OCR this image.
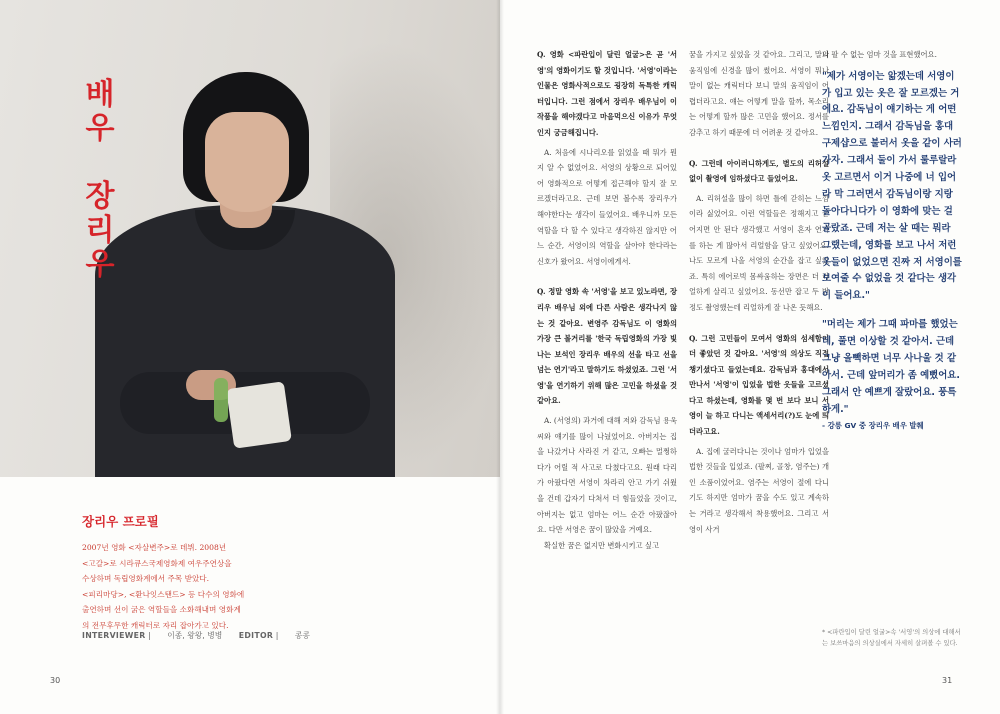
배
우
장
리
우
장리우 프로필
2007년 영화 <자살변주>로 데뷔. 2008년
<고갈>로 시라큐스국제영화제 여우주연상을
수상하며 독립영화계에서 주목 받았다.
<피리마당>, <환나잇스탠드> 등 다수의 영화에
출연하며 선이 굵은 역할들을 소화해내며 영화계
의 전무후무한 캐릭터로 자리 잡아가고 있다.
INTERVIEWER | 이종, 왕왕, 병병 EDITOR | 콩콩
30

Q. 영화 <파란입이 달린 얼굴>은 곧 '서영'의 영화이기도 할 것입니다. '서영'이라는 인물은 영화사적으로도 굉장히 독특한 캐릭터입니다. 그런 점에서 장리우 배우님이 이 작품을 해야겠다고 마음먹으신 이유가 무엇인지 궁금해집니다.

A. 처음에 시나리오를 읽었을 때 뭐가 뭔지 알 수 없었어요. 서영의 상황으로 되어있어 영화적으로 어떻게 접근해야 할지 잘 모르겠더라고요. 근데 보면 볼수록 장리우가 해야한다는 생각이 들었어요. 배우니까 모든 역할을 다 할 수 있다고 생각하진 않지만 어느 순간, 서영이의 역할을 살아야 한다라는 신호가 왔어요. 서영이에게서.

Q. 정말 영화 속 '서영'을 보고 있노라면, 장리우 배우님 외에 다른 사람은 생각나지 않는 것 같아요. 변영주 감독님도 이 영화의 가장 큰 볼거리를 '한국 독립영화의 가장 빛나는 보석인 장리우 배우의 선을 타고 선을 넘는 연기'라고 말하기도 하셨었죠. 그런 '서영'을 연기하기 위해 많은 고민을 하셨을 것 같아요.

A. (서영의) 과거에 대해 저와 감독님 용욱씨와 얘기를 많이 나눴었어요. 아버지는 집을 나갔거나 사라진 거 같고, 오빠는 멀쩡하다가 어릴 적 사고로 다쳤다고요. 원래 다리가 아팠다면 서영이 차라리 안고 가기 쉬웠을 건데 갑자기 다쳐서 더 힘들었을 것이고, 아버지는 없고 엄마는 어느 순간 아팠잖아요. 다만 서영은 꿈이 많았을 거예요.

확실한 꿈은 없지만 변화시키고 싶고

꿈을 가지고 싶었을 것 같아요. 그리고, 말의 움직임에 신경을 많이 썼어요. 서영이 뭐나 말이 없는 캐릭터다 보니 말의 움직임이 어렵더라고요. 얘는 어떻게 말을 할까, 목소리는 어떻게 할까 많은 고민을 했어요. 정서를 감추고 하기 때문에 더 어려운 것 같아요.

Q. 그런데 아이러니하게도, 별도의 리허설 없이 촬영에 임하셨다고 들었어요.

A. 리허설을 많이 하면 틀에 갇히는 느낌이라 싫었어요. 이런 역할들은 정해지고 굳어지면 안 된다 생각했고 서영이 혼자 연기를 하는 게 많아서 리얼함을 담고 싶었어요. 나도 모르게 나올 서영의 순간을 잡고 싶었죠. 특히 에어로빅 몸싸움하는 장면은 더 리얼하게 살리고 싶었어요. 동선만 잡고 두 번 정도 촬영했는데 리얼하게 잘 나온 듯해요.

Q. 그런 고민들이 모여서 영화의 섬세함이 더 좋았던 것 같아요. '서영'의 의상도 직접 챙기셨다고 들었는데요. 감독님과 홍대에서 만나서 '서영'이 입었을 법한 옷들을 고르셨다고 하셨는데, 영화를 몇 번 보다 보니 서영이 늘 하고 다니는 액세서리(?)도 눈에 띄더라고요.

A. 집에 굴러다니는 것이나 엄마가 입었을 법한 것들을 입었죠. (팔찌, 골창, 염주는) 개인 소품이었어요. 염주는 서영이 절에 다니기도 하지만 엄마가 꿈을 수도 있고 계속하는 거라고 생각해서 착용했어요. 그리고 서영이 사거

나 팔 수 없는 엄마 것을 표현했어요.

"제가 서영이는 앎겠는데 서영이가 입고 있는 옷은 잘 모르겠는 거에요. 감독님이 얘기하는 게 어떤 느낌인지. 그래서 감독님을 홍대 구제샵으로 불러서 옷을 같이 사러 가자. 그래서 둘이 가서 룰루랄라 옷 고르면서 이거 나중에 너 입어라 막 그러면서 감독님이랑 지랑 돌아다니다가 이 영화에 맞는 걸 골랐죠. 근데 저는 살 때는 뭐라 그랬는데, 영화를 보고 나서 저런 옷들이 없었으면 진짜 저 서영이를 보여줄 수 없었을 것 같다는 생각이 들어요."

"머리는 제가 그때 파마를 했었는데, 풀면 이상할 것 같아서. 근데 그냥 올빽하면 너무 사나울 것 같아서. 근데 앞머리가 좀 예뻤어요. 그래서 안 예쁘게 잘랐어요. 풍특하게."

- 강릉 GV 중 장리우 배우 발췌

* <파란입이 달린 얼굴>속 '서영'의 의상에 대해서는 보쓰마음의 의상실에서 자세히 살펴볼 수 있다.
31
